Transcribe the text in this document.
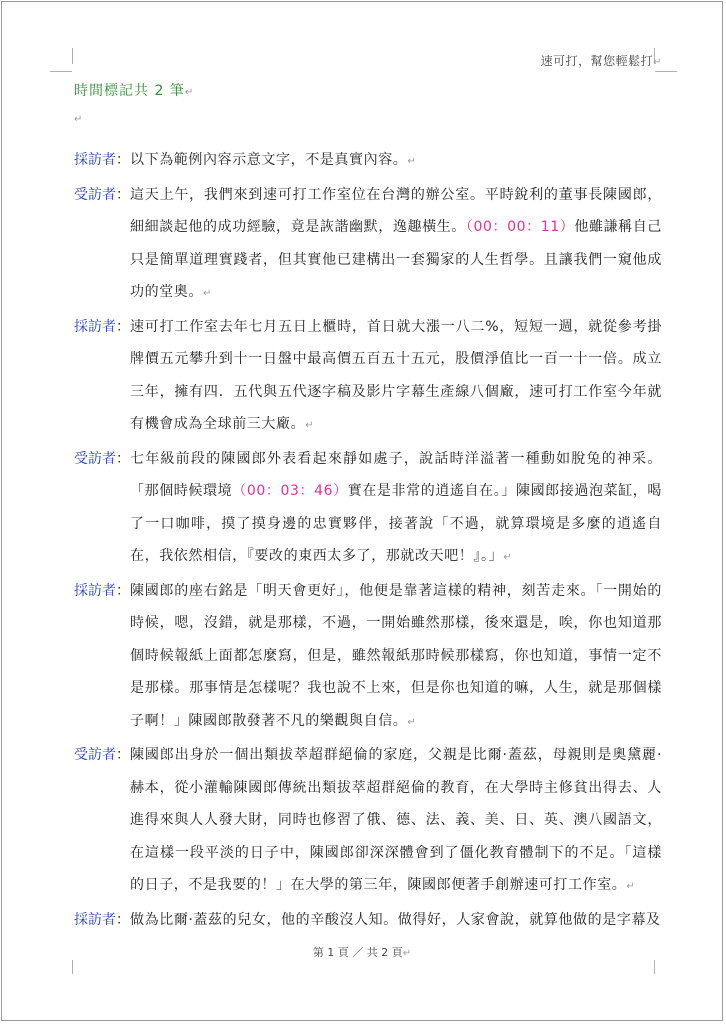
速可打，幫您輕鬆打↵
時間標記共 2 筆↵
↵
採訪者： 以下為範例內容示意文字，不是真實內容。↵
受訪者： 這天上午，我們來到速可打工作室位在台灣的辦公室。平時銳利的董事長陳國郎，細細談起他的成功經驗，竟是詼諧幽默，逸趣橫生。（00：00：11）他雖謙稱自己只是簡單道理實踐者，但其實他已建構出一套獨家的人生哲學。且讓我們一窺他成功的堂奧。↵
採訪者： 速可打工作室去年七月五日上櫃時，首日就大漲一八二%，短短一週，就從參考掛牌價五元攀升到十一日盤中最高價五百五十五元，股價淨值比一百一十一倍。成立三年，擁有四．五代與五代逐字稿及影片字幕生產線八個廠，速可打工作室今年就有機會成為全球前三大廠。↵
受訪者： 七年級前段的陳國郎外表看起來靜如處子，說話時洋溢著一種動如脫兔的神采。「那個時候環境（00：03：46）實在是非常的逍遙自在。」陳國郎接過泡菜缸，喝了一口咖啡，摸了摸身邊的忠實夥伴，接著說「不過，就算環境是多麼的逍遙自在，我依然相信，『要改的東西太多了，那就改天吧！』。」↵
採訪者： 陳國郎的座右銘是「明天會更好」，他便是靠著這樣的精神，刻苦走來。「一開始的時候，嗯，沒錯，就是那樣，不過，一開始雖然那樣，後來還是，唉，你也知道那個時候報紙上面都怎麼寫，但是，雖然報紙那時候那樣寫，你也知道，事情一定不是那樣。那事情是怎樣呢？我也說不上來，但是你也知道的嘛，人生，就是那個樣子啊！」陳國郎散發著不凡的樂觀與自信。↵
受訪者： 陳國郎出身於一個出類拔萃超群絕倫的家庭，父親是比爾·蓋茲，母親則是奧黛麗·赫本，從小灌輸陳國郎傳統出類拔萃超群絕倫的教育，在大學時主修貧出得去、人進得來與人人發大財，同時也修習了俄、德、法、義、美、日、英、澳八國語文，在這樣一段平淡的日子中，陳國郎卻深深體會到了僵化教育體制下的不足。「這樣的日子，不是我要的！」在大學的第三年，陳國郎便著手創辦速可打工作室。↵
採訪者： 做為比爾·蓋茲的兒女，他的辛酸沒人知。做得好，人家會說，就算他做的是字幕及
第 1 頁 ／ 共 2 頁↵
